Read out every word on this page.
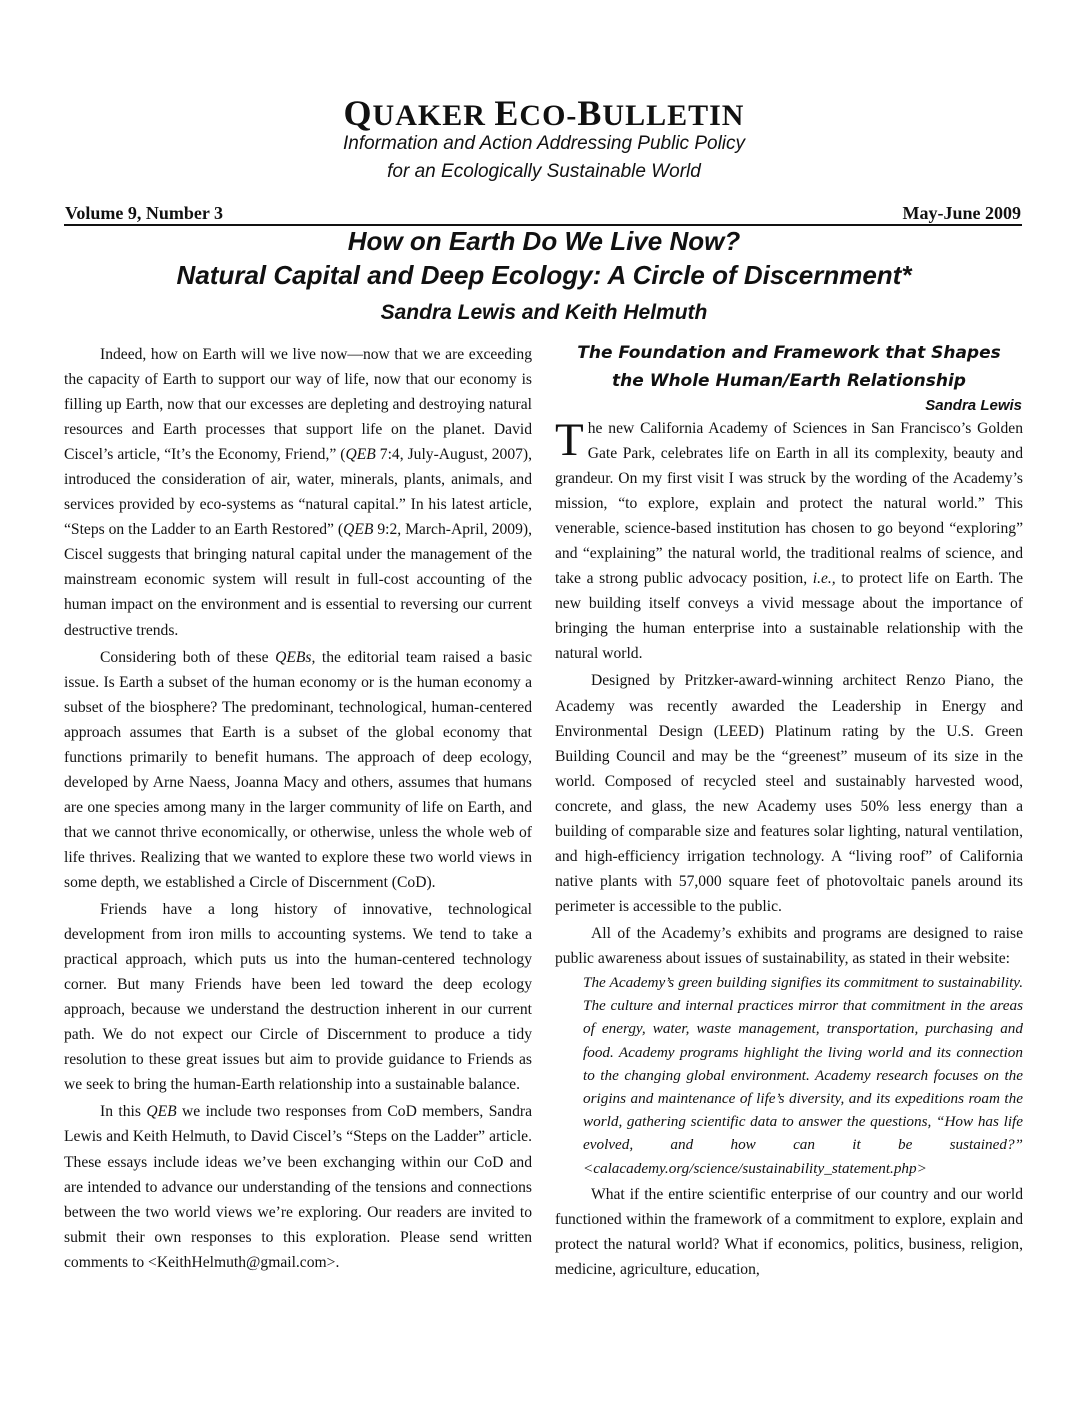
QUAKER ECO-BULLETIN
Information and Action Addressing Public Policy
for an Ecologically Sustainable World
Volume 9, Number 3	May-June 2009
How on Earth Do We Live Now?
Natural Capital and Deep Ecology: A Circle of Discernment*
Sandra Lewis and Keith Helmuth

Indeed, how on Earth will we live now—now that we are exceeding the capacity of Earth to support our way of life, now that our economy is filling up Earth, now that our excesses are depleting and destroying natural resources and Earth processes that support life on the planet. David Ciscel’s article, “It’s the Economy, Friend,” (QEB 7:4, July-August, 2007), introduced the consideration of air, water, minerals, plants, animals, and services provided by eco-systems as “natural capital.” In his latest article, “Steps on the Ladder to an Earth Restored” (QEB 9:2, March-April, 2009), Ciscel suggests that bringing natural capital under the management of the mainstream economic system will result in full-cost accounting of the human impact on the environment and is essential to reversing our current destructive trends.

Considering both of these QEBs, the editorial team raised a basic issue. Is Earth a subset of the human economy or is the human economy a subset of the biosphere? The predominant, technological, human-centered approach assumes that Earth is a subset of the global economy that functions primarily to benefit humans. The approach of deep ecology, developed by Arne Naess, Joanna Macy and others, assumes that humans are one species among many in the larger community of life on Earth, and that we cannot thrive economically, or otherwise, unless the whole web of life thrives. Realizing that we wanted to explore these two world views in some depth, we established a Circle of Discernment (CoD).

Friends have a long history of innovative, technological development from iron mills to accounting systems. We tend to take a practical approach, which puts us into the human-centered technology corner. But many Friends have been led toward the deep ecology approach, because we understand the destruction inherent in our current path. We do not expect our Circle of Discernment to produce a tidy resolution to these great issues but aim to provide guidance to Friends as we seek to bring the human-Earth relationship into a sustainable balance.

In this QEB we include two responses from CoD members, Sandra Lewis and Keith Helmuth, to David Ciscel’s “Steps on the Ladder” article. These essays include ideas we’ve been exchanging within our CoD and are intended to advance our understanding of the tensions and connections between the two world views we’re exploring. Our readers are invited to submit their own responses to this exploration. Please send written comments to <KeithHelmuth@gmail.com>.

The Foundation and Framework that Shapes
the Whole Human/Earth Relationship
Sandra Lewis

The new California Academy of Sciences in San Francisco’s Golden Gate Park, celebrates life on Earth in all its complexity, beauty and grandeur. On my first visit I was struck by the wording of the Academy’s mission, “to explore, explain and protect the natural world.” This venerable, science-based institution has chosen to go beyond “exploring” and “explaining” the natural world, the traditional realms of science, and take a strong public advocacy position, i.e., to protect life on Earth. The new building itself conveys a vivid message about the importance of bringing the human enterprise into a sustainable relationship with the natural world.

Designed by Pritzker-award-winning architect Renzo Piano, the Academy was recently awarded the Leadership in Energy and Environmental Design (LEED) Platinum rating by the U.S. Green Building Council and may be the “greenest” museum of its size in the world. Composed of recycled steel and sustainably harvested wood, concrete, and glass, the new Academy uses 50% less energy than a building of comparable size and features solar lighting, natural ventilation, and high-efficiency irrigation technology. A “living roof” of California native plants with 57,000 square feet of photovoltaic panels around its perimeter is accessible to the public.

All of the Academy’s exhibits and programs are designed to raise public awareness about issues of sustainability, as stated in their website:

The Academy’s green building signifies its commitment to sustainability. The culture and internal practices mirror that commitment in the areas of energy, water, waste management, transportation, purchasing and food. Academy programs highlight the living world and its connection to the changing global environment. Academy research focuses on the origins and maintenance of life’s diversity, and its expeditions roam the world, gathering scientific data to answer the questions, “How has life evolved, and how can it be sustained?” <calacademy.org/science/sustainability_statement.php>

What if the entire scientific enterprise of our country and our world functioned within the framework of a commitment to explore, explain and protect the natural world? What if economics, politics, business, religion, medicine, agriculture, education,
